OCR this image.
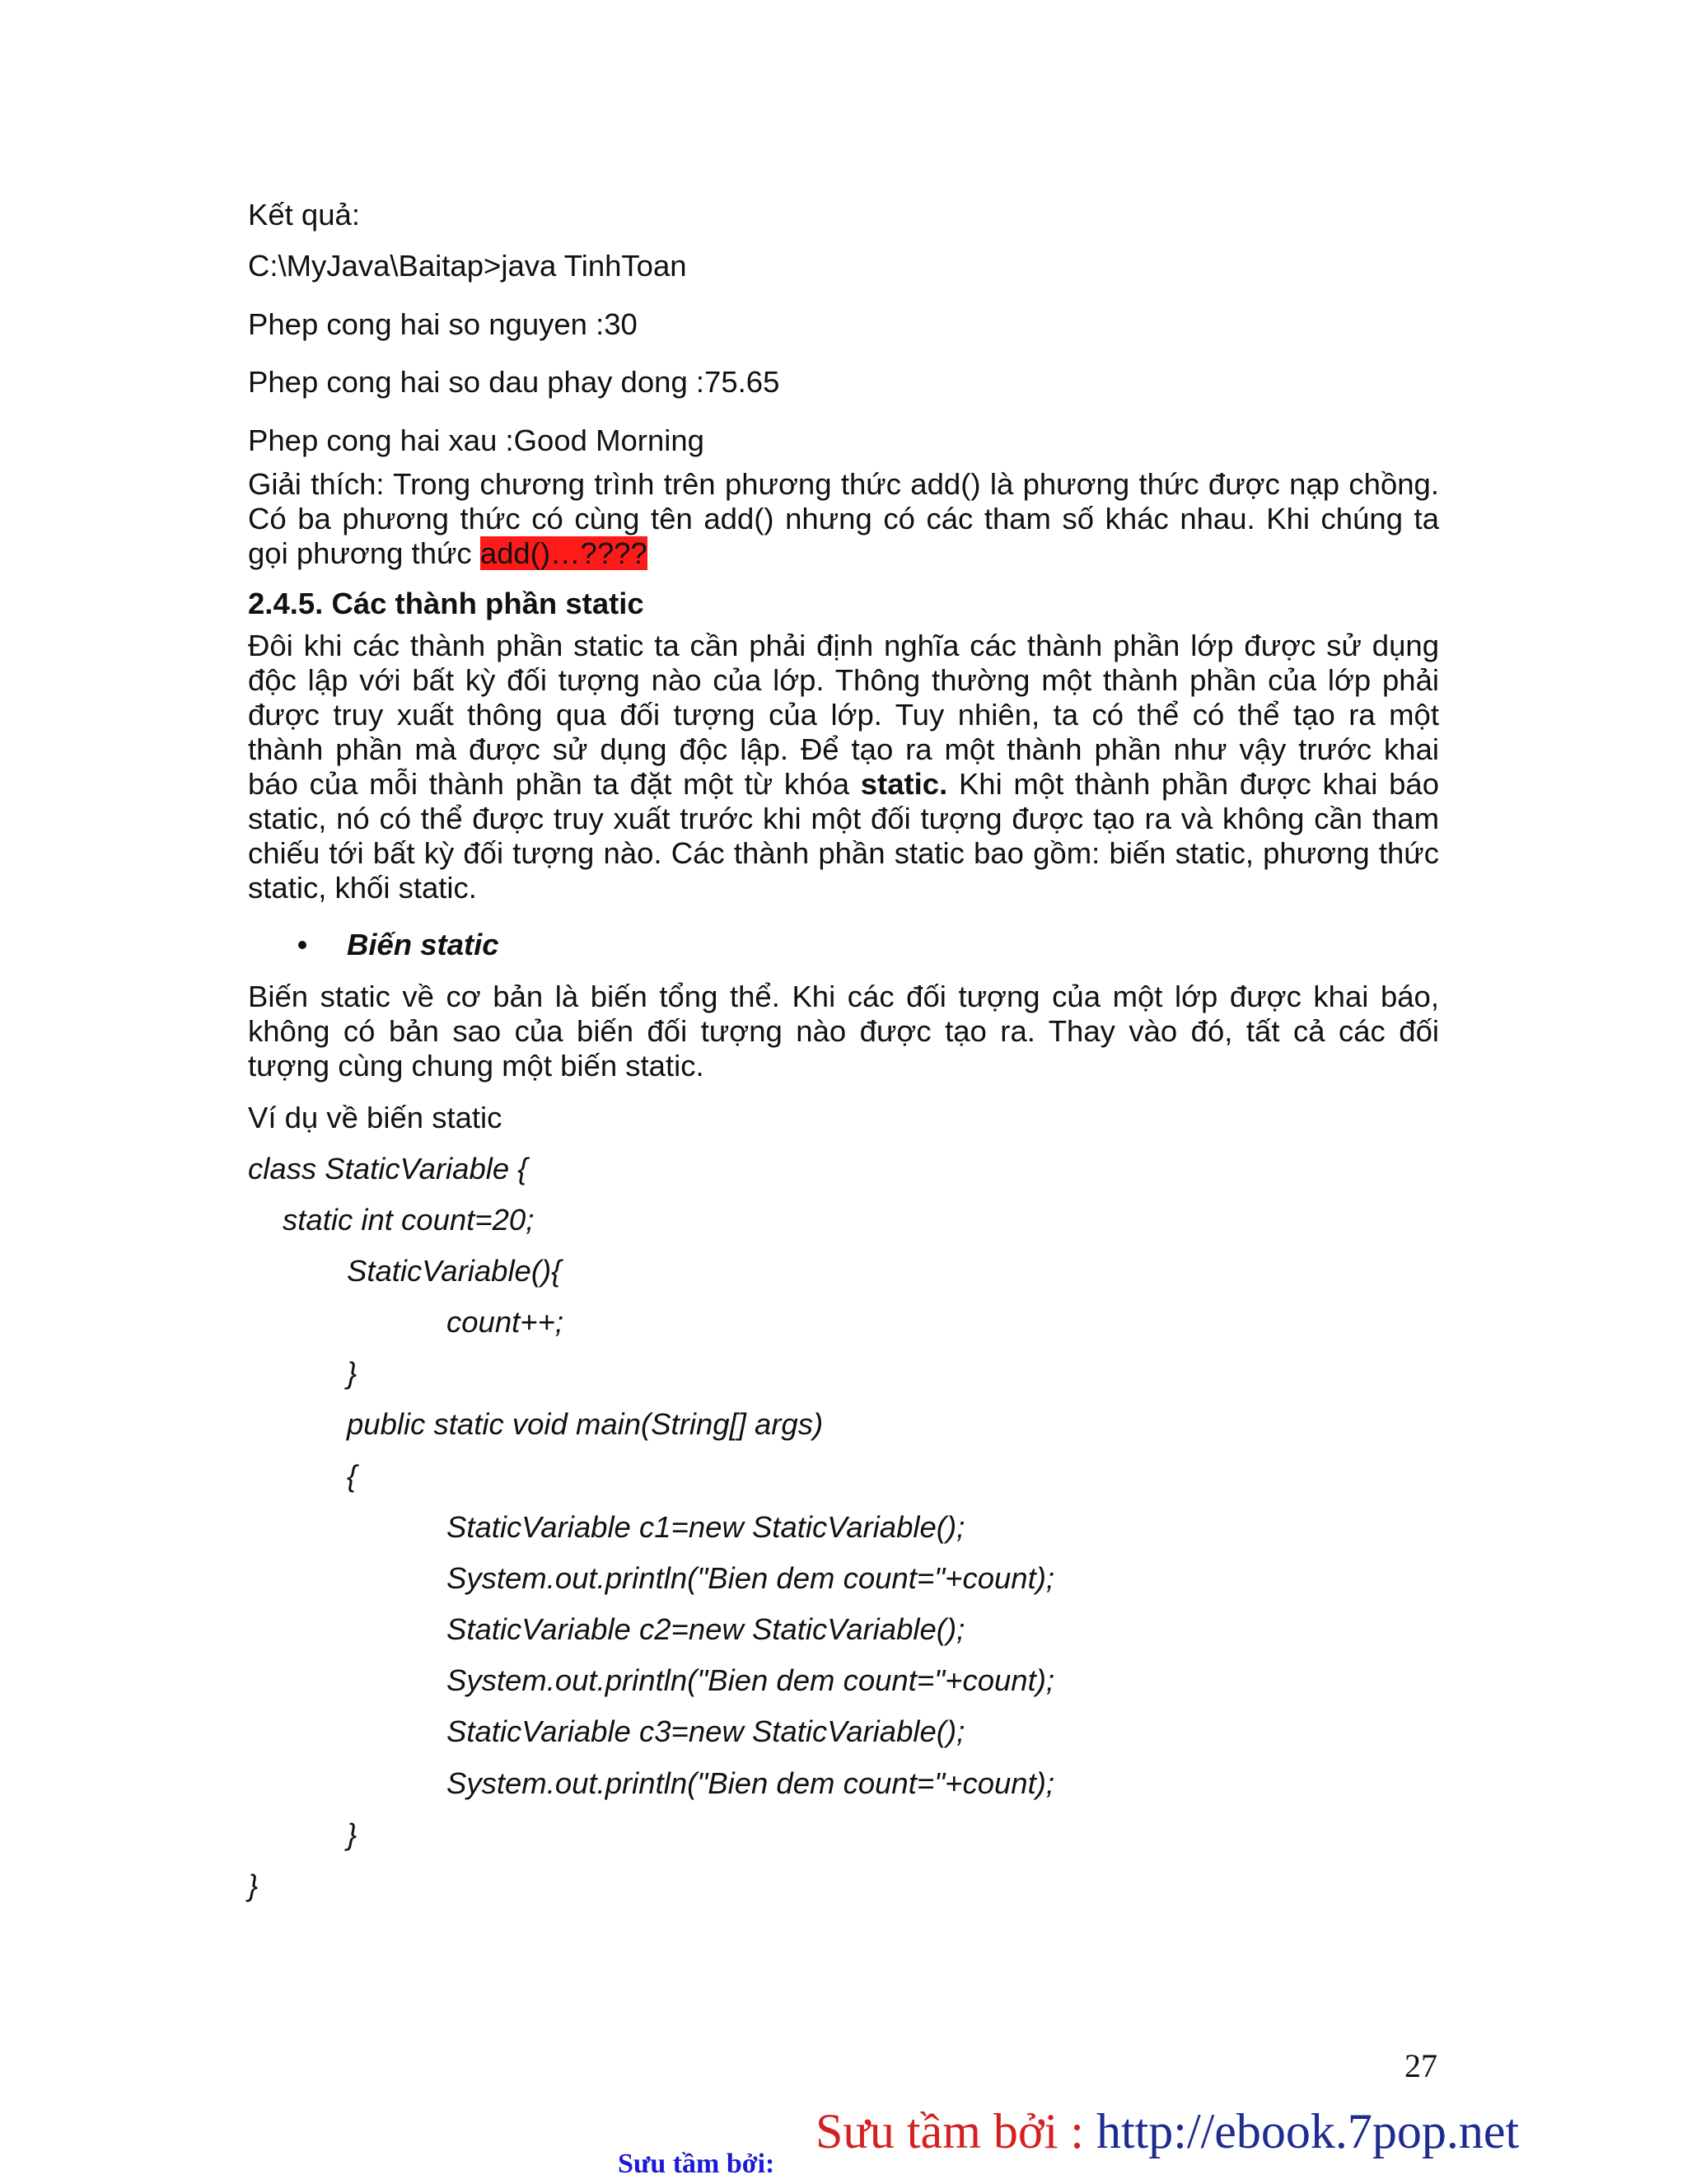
Kết quả:
C:\MyJava\Baitap>java TinhToan
Phep cong hai so nguyen :30
Phep cong hai so dau phay dong :75.65
Phep cong hai xau :Good Morning
Giải thích: Trong chương trình trên phương thức add() là phương thức được nạp chồng.
Có ba phương thức có cùng tên add() nhưng có các tham số khác nhau. Khi chúng ta
gọi phương thức add()…????
2.4.5. Các thành phần static
Đôi khi các thành phần static ta cần phải định nghĩa các thành phần lớp được sử dụng
độc lập với bất kỳ đối tượng nào của lớp. Thông thường một thành phần của lớp phải
được truy xuất thông qua đối tượng của lớp. Tuy nhiên, ta có thể có thể tạo ra một
thành phần mà được sử dụng độc lập. Để tạo ra một thành phần như vậy trước khai
báo của mỗi thành phần ta đặt một từ khóa static. Khi một thành phần được khai báo
static, nó có thể được truy xuất trước khi một đối tượng được tạo ra và không cần tham
chiếu tới bất kỳ đối tượng nào. Các thành phần static bao gồm: biến static, phương thức
static, khối static.
Biến static
Biến static về cơ bản là biến tổng thể. Khi các đối tượng của một lớp được khai báo,
không có bản sao của biến đối tượng nào được tạo ra. Thay vào đó, tất cả các đối
tượng cùng chung một biến static.
Ví dụ về biến static
class StaticVariable {
static int count=20;
StaticVariable(){
count++;
}
public static void main(String[] args)
{
StaticVariable c1=new StaticVariable();
System.out.println("Bien dem count="+count);
StaticVariable c2=new StaticVariable();
System.out.println("Bien dem count="+count);
StaticVariable c3=new StaticVariable();
System.out.println("Bien dem count="+count);
}
}
27
Sưu tầm bởi:
Sưu tầm bởi : http://ebook.7pop.net
